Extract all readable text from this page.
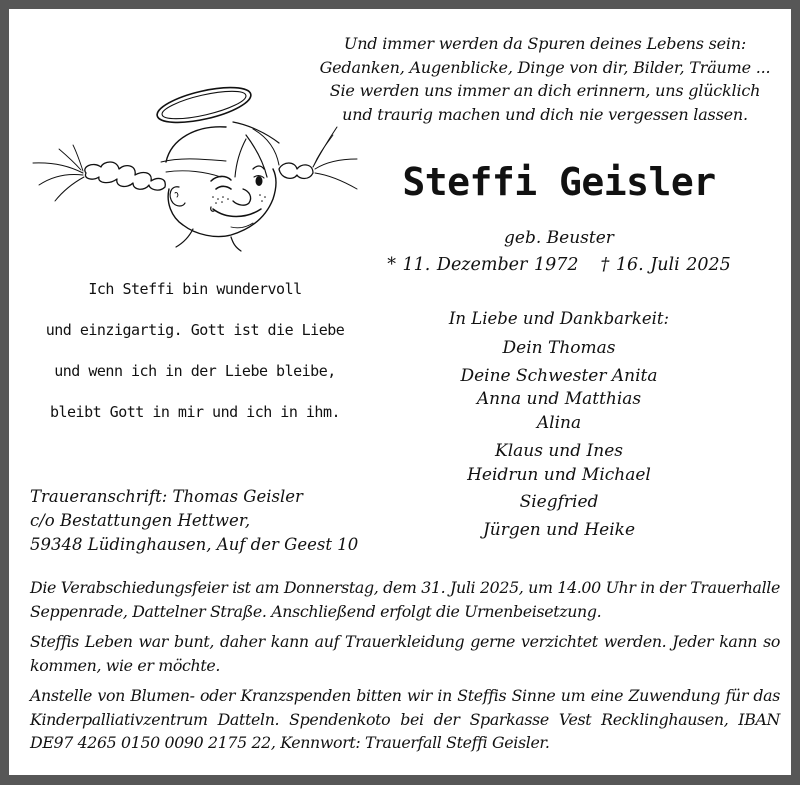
Und immer werden da Spuren deines Lebens sein:
Gedanken, Augenblicke, Dinge von dir, Bilder, Träume ...
Sie werden uns immer an dich erinnern, uns glücklich
und traurig machen und dich nie vergessen lassen.
Steffi Geisler
geb. Beuster
* 11. Dezember 1972 † 16. Juli 2025
Ich Steffi bin wundervoll
und einzigartig. Gott ist die Liebe
und wenn ich in der Liebe bleibe,
bleibt Gott in mir und ich in ihm.
In Liebe und Dankbarkeit:
Dein Thomas
Deine Schwester Anita
Anna und Matthias
Alina
Klaus und Ines
Heidrun und Michael
Siegfried
Jürgen und Heike
Traueranschrift: Thomas Geisler
c/o Bestattungen Hettwer,
59348 Lüdinghausen, Auf der Geest 10

Die Verabschiedungsfeier ist am Donnerstag, dem 31. Juli 2025, um 14.00 Uhr in der Trauerhalle Seppenrade, Dattelner Straße. Anschließend erfolgt die Urnenbeisetzung.

Steffis Leben war bunt, daher kann auf Trauerkleidung gerne verzichtet werden. Jeder kann so kommen, wie er möchte.

Anstelle von Blumen- oder Kranzspenden bitten wir in Steffis Sinne um eine Zuwendung für das Kinderpalliativzentrum Datteln. Spendenkoto bei der Sparkasse Vest Recklinghausen, IBAN DE97 4265 0150 0090 2175 22, Kennwort: Trauerfall Steffi Geisler.
